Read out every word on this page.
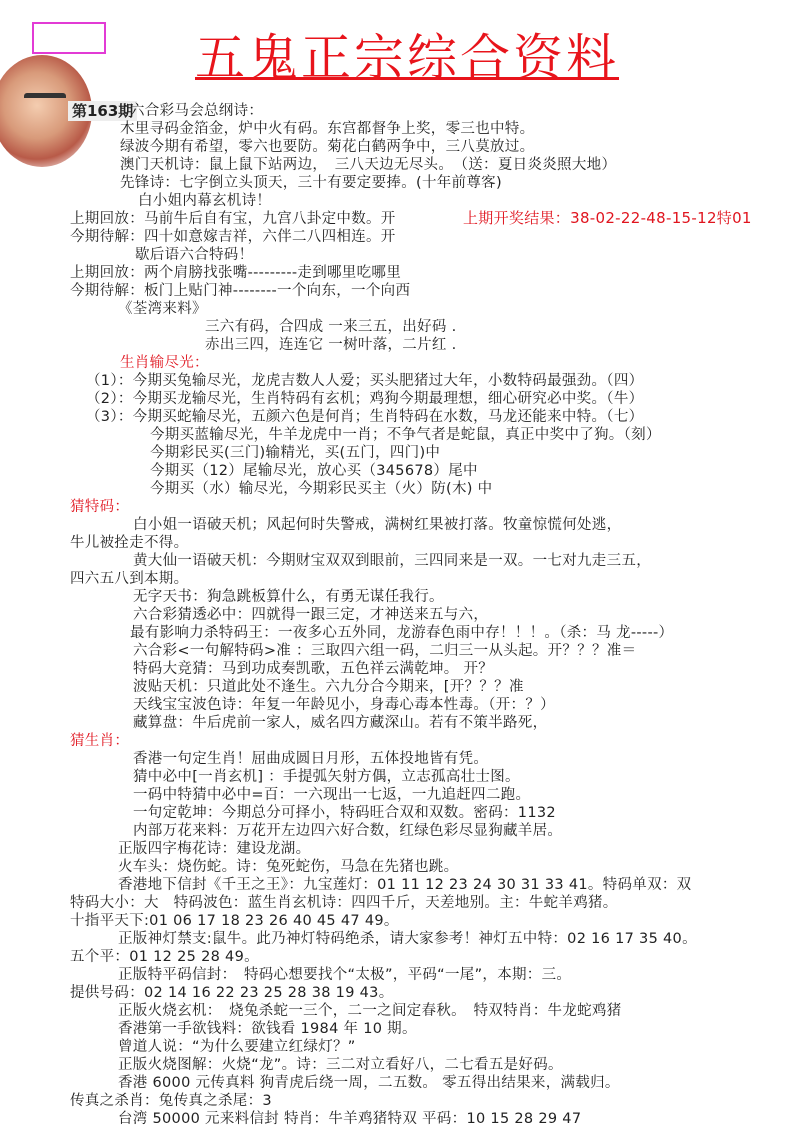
五鬼正宗综合资料
第163期
上期开奖结果：38-02-22-48-15-12特01
六合彩马会总纲诗：
木里寻码金箔金，炉中火有码。东宫都督争上奖，零三也中特。
绿波今期有希望，零六也要防。菊花白鹤两争中，三八莫放过。
澳门天机诗：鼠上鼠下站两边，　三八天边无尽头。　（送：夏日炎炎照大地）
先锋诗：七字倒立头顶天，三十有要定要捧。(十年前尊客)
白小姐内幕玄机诗！
上期回放：马前牛后自有宝，九宫八卦定中数。开
今期待解：四十如意嫁吉祥，六伴二八四相连。开
歇后语六合特码！
上期回放：两个肩膀找张嘴---------走到哪里吃哪里
今期待解：板门上贴门神--------一个向东，一个向西
《荃湾来料》
三六有码，合四成 一来三五，出好码 .
赤出三四，连连它 一树叶落，二片红 .
生肖输尽光：
（1）：今期买兔输尽光，龙虎吉数人人爱；买头肥猪过大年，小数特码最强劲。（四）
（2）：今期买龙输尽光，生肖特码有玄机；鸡狗今期最理想，细心研究必中奖。（牛）
（3）：今期买蛇输尽光，五颜六色是何肖；生肖特码在水数，马龙还能来中特。（七）
今期买蓝输尽光，牛羊龙虎中一肖；不争气者是蛇鼠，真正中奖中了狗。（刻）
今期彩民买(三门)输精光，买(五门，四门)中
今期买（12）尾输尽光，放心买（345678）尾中
今期买（水）输尽光，今期彩民买主（火）防(木) 中
猜特码：
白小姐一语破天机；风起何时失警戒，满树红果被打落。牧童惊慌何处逃，
牛儿被拴走不得。
黄大仙一语破天机：今期财宝双双到眼前，三四同来是一双。一七对九走三五，
四六五八到本期。
无字天书：狗急跳板算什么，有勇无谋任我行。
六合彩猜透必中：四就得一跟三定，才神送来五与六，
最有影响力杀特码王：一夜多心五外同，龙游春色雨中存！！！。（杀：马 龙-----）
六合彩<一句解特码>准 ：三取四六组一码，二归三一从头起。开？？？准＝
特码大竞猜：马到功成奏凯歌，五色祥云满乾坤。 开？
波贴天机：只道此处不逢生。六九分合今期来，[开？？？准
天线宝宝波色诗：年复一年龄见小，身毒心毒本性毒。（开：？）
藏算盘：牛后虎前一家人，威名四方藏深山。若有不策半路死，
猜生肖：
香港一句定生肖！屈曲成圆日月形，五体投地皆有凭。
猜中必中[一肖玄机] ：手提弧矢射方偶，立志孤高壮士图。
一码中特猜中必中=百：一六现出一七返，一九追赶四二跑。
一句定乾坤：今期总分可择小，特码旺合双和双数。密码：1132
内部万花来料：万花开左边四六好合数，红绿色彩尽显狗藏羊居。
正版四字梅花诗：建设龙湖。
火车头：烧伤蛇。诗：兔死蛇伤，马急在先猪也跳。
香港地下信封《千王之王》：九宝莲灯：01 11 12 23 24 30 31 33 41。特码单双：双
特码大小：大　特码波色：蓝生肖玄机诗：四四千斤，天差地别。主：牛蛇羊鸡猪。
十指平天下:01 06 17 18 23 26 40 45 47 49。
正版神灯禁支:鼠牛。此乃神灯特码绝杀，请大家参考！神灯五中特：02 16 17 35 40。
五个平：01 12 25 28 49。
正版特平码信封：　特码心想要找个“太极”，平码“一尾”，本期：三。
提供号码：02 14 16 22 23 25 28 38 19 43。
正版火烧玄机：　烧兔杀蛇一三个，二一之间定春秋。　特双特肖：牛龙蛇鸡猪
香港第一手欲钱料：欲钱看 1984 年 10 期。
曾道人说：“为什么要建立红绿灯？”
正版火烧图解：火烧“龙”。诗：三二对立看好八，二七看五是好码。
香港 6000 元传真料 狗青虎后绕一周，二五数。 零五得出结果来，满载归。
传真之杀肖：兔传真之杀尾：3
台湾 50000 元来料信封 特肖：牛羊鸡猪特双 平码：10 15 28 29 47
